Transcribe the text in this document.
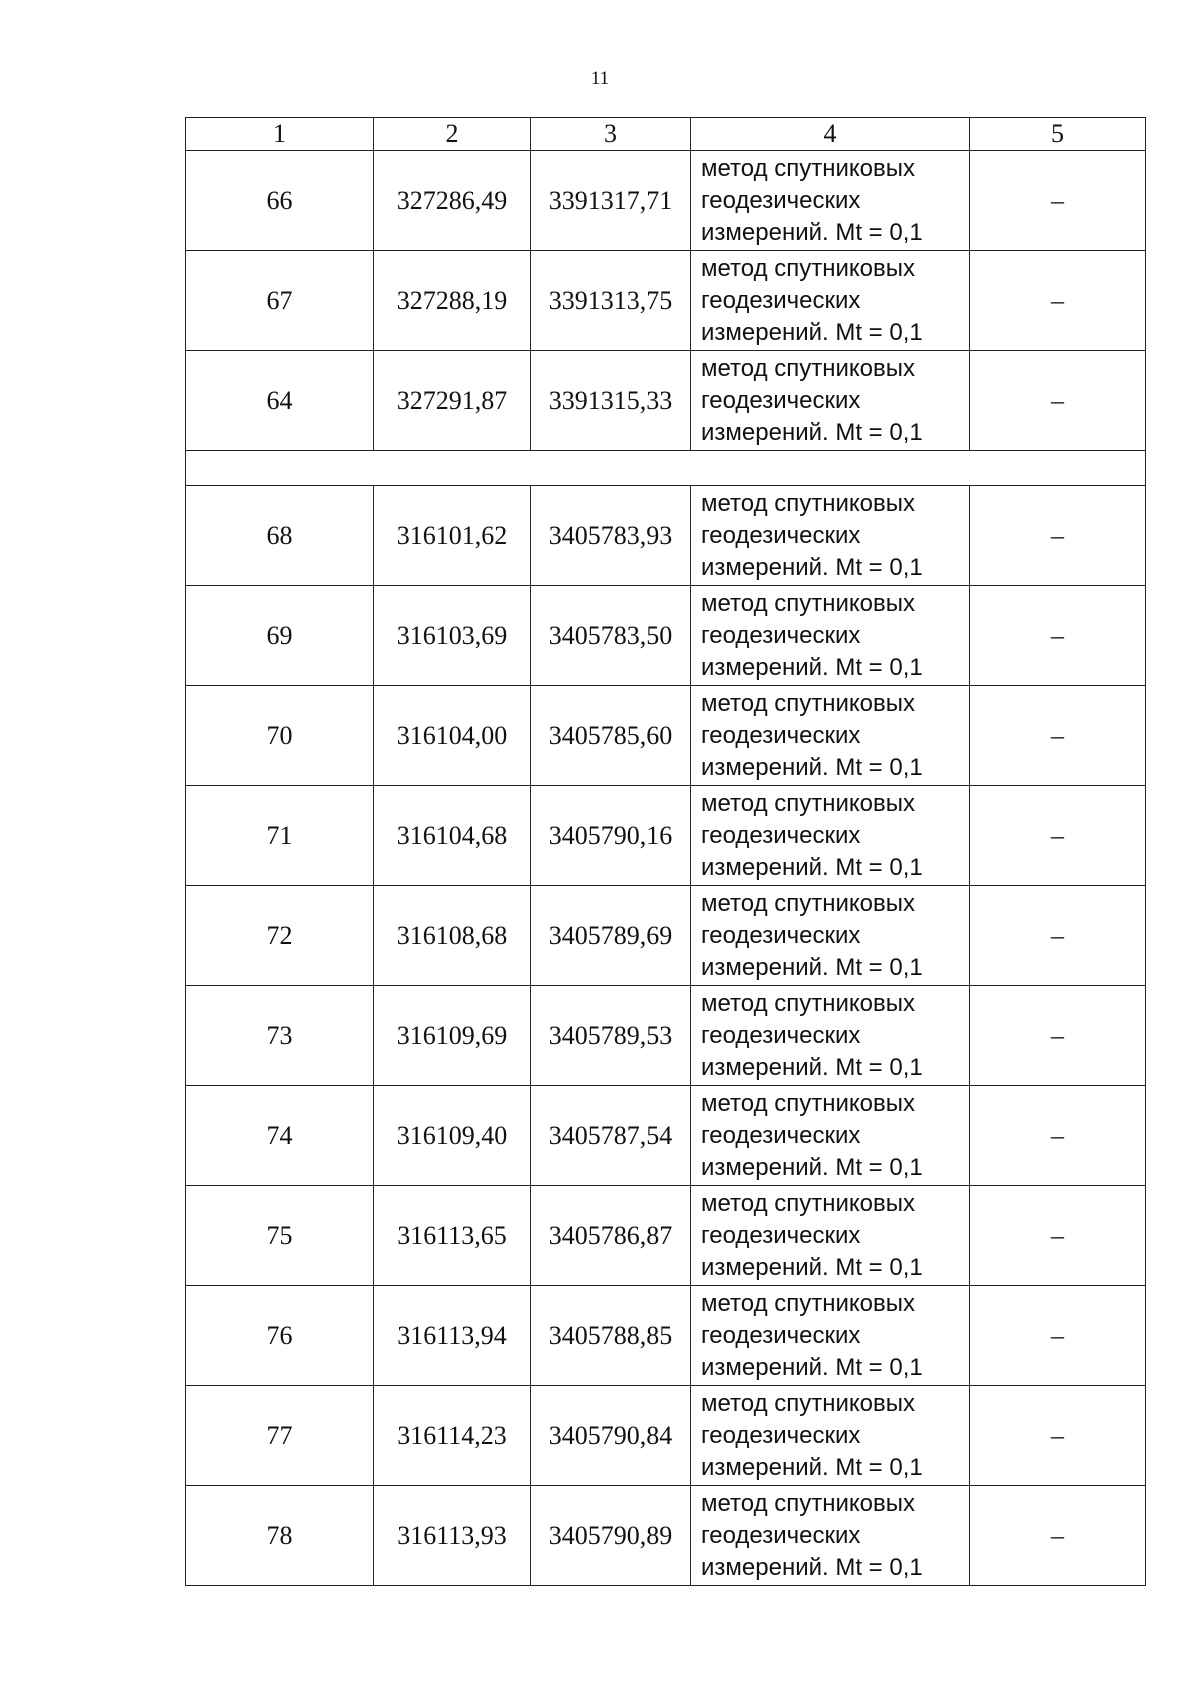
11
1	2	3	4	5
66	327286,49	3391317,71	метод спутниковых
геодезических
измерений. Mt = 0,1	–
67	327288,19	3391313,75	метод спутниковых
геодезических
измерений. Mt = 0,1	–
64	327291,87	3391315,33	метод спутниковых
геодезических
измерений. Mt = 0,1	–

68	316101,62	3405783,93	метод спутниковых
геодезических
измерений. Mt = 0,1	–
69	316103,69	3405783,50	метод спутниковых
геодезических
измерений. Mt = 0,1	–
70	316104,00	3405785,60	метод спутниковых
геодезических
измерений. Mt = 0,1	–
71	316104,68	3405790,16	метод спутниковых
геодезических
измерений. Mt = 0,1	–
72	316108,68	3405789,69	метод спутниковых
геодезических
измерений. Mt = 0,1	–
73	316109,69	3405789,53	метод спутниковых
геодезических
измерений. Mt = 0,1	–
74	316109,40	3405787,54	метод спутниковых
геодезических
измерений. Mt = 0,1	–
75	316113,65	3405786,87	метод спутниковых
геодезических
измерений. Mt = 0,1	–
76	316113,94	3405788,85	метод спутниковых
геодезических
измерений. Mt = 0,1	–
77	316114,23	3405790,84	метод спутниковых
геодезических
измерений. Mt = 0,1	–
78	316113,93	3405790,89	метод спутниковых
геодезических
измерений. Mt = 0,1	–
